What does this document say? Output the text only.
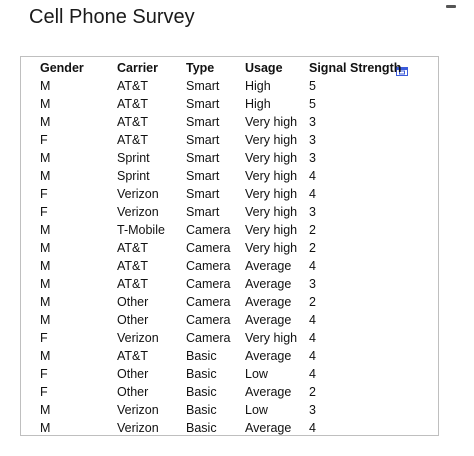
Cell Phone Survey
Gender	Carrier	Type	Usage	Signal Strength
M	AT&T	Smart	High	5
M	AT&T	Smart	High	5
M	AT&T	Smart	Very high	3
F	AT&T	Smart	Very high	3
M	Sprint	Smart	Very high	3
M	Sprint	Smart	Very high	4
F	Verizon	Smart	Very high	4
F	Verizon	Smart	Very high	3
M	T-Mobile	Camera	Very high	2
M	AT&T	Camera	Very high	2
M	AT&T	Camera	Average	4
M	AT&T	Camera	Average	3
M	Other	Camera	Average	2
M	Other	Camera	Average	4
F	Verizon	Camera	Very high	4
M	AT&T	Basic	Average	4
F	Other	Basic	Low	4
F	Other	Basic	Average	2
M	Verizon	Basic	Low	3
M	Verizon	Basic	Average	4
